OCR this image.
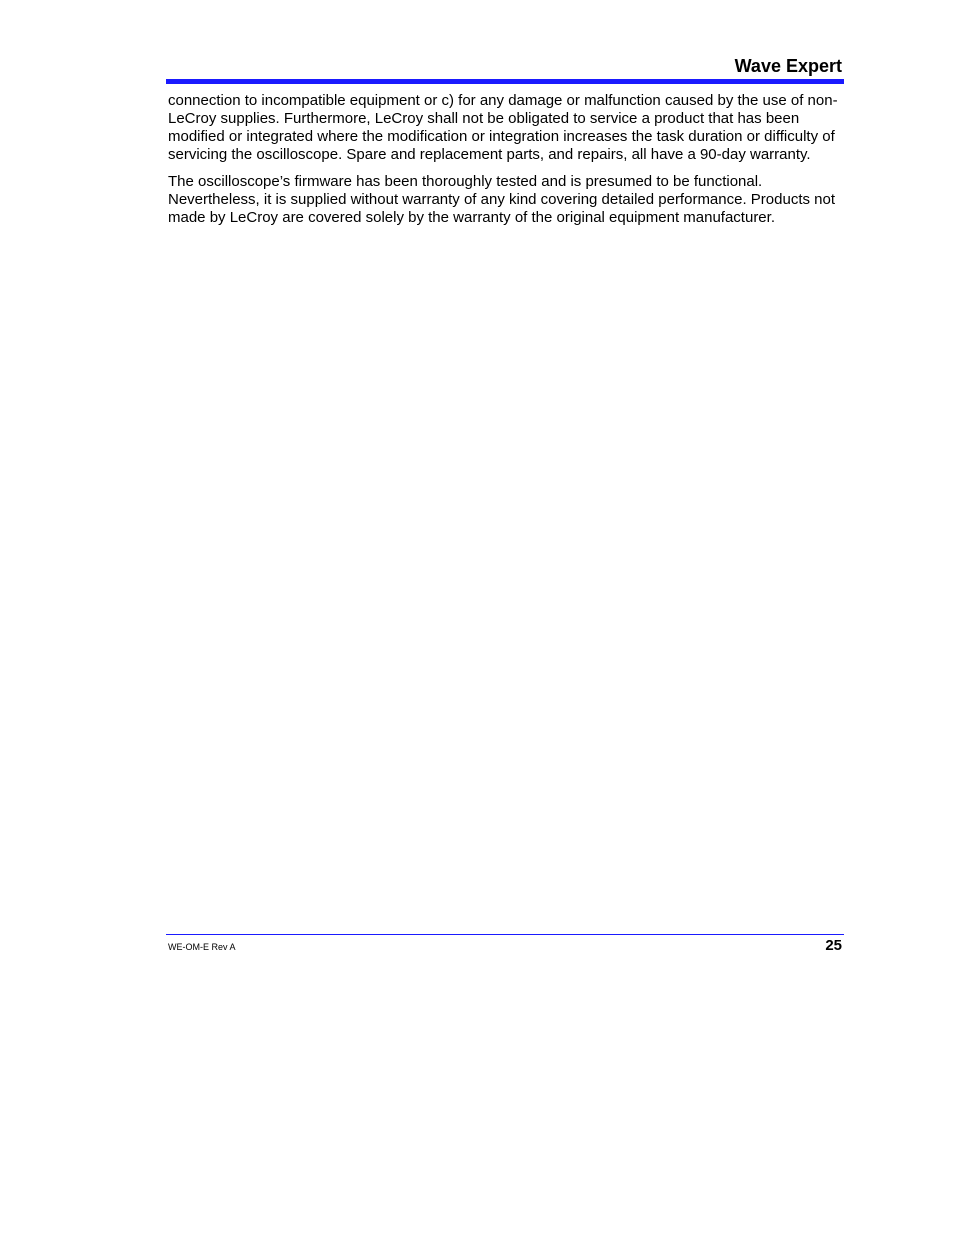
Wave Expert

connection to incompatible equipment or c) for any damage or malfunction caused by the use of non-LeCroy supplies. Furthermore, LeCroy shall not be obligated to service a product that has been modified or integrated where the modification or integration increases the task duration or difficulty of servicing the oscilloscope. Spare and replacement parts, and repairs, all have a 90-day warranty.

The oscilloscope’s firmware has been thoroughly tested and is presumed to be functional. Nevertheless, it is supplied without warranty of any kind covering detailed performance. Products not made by LeCroy are covered solely by the warranty of the original equipment manufacturer.

WE-OM-E Rev A	25
